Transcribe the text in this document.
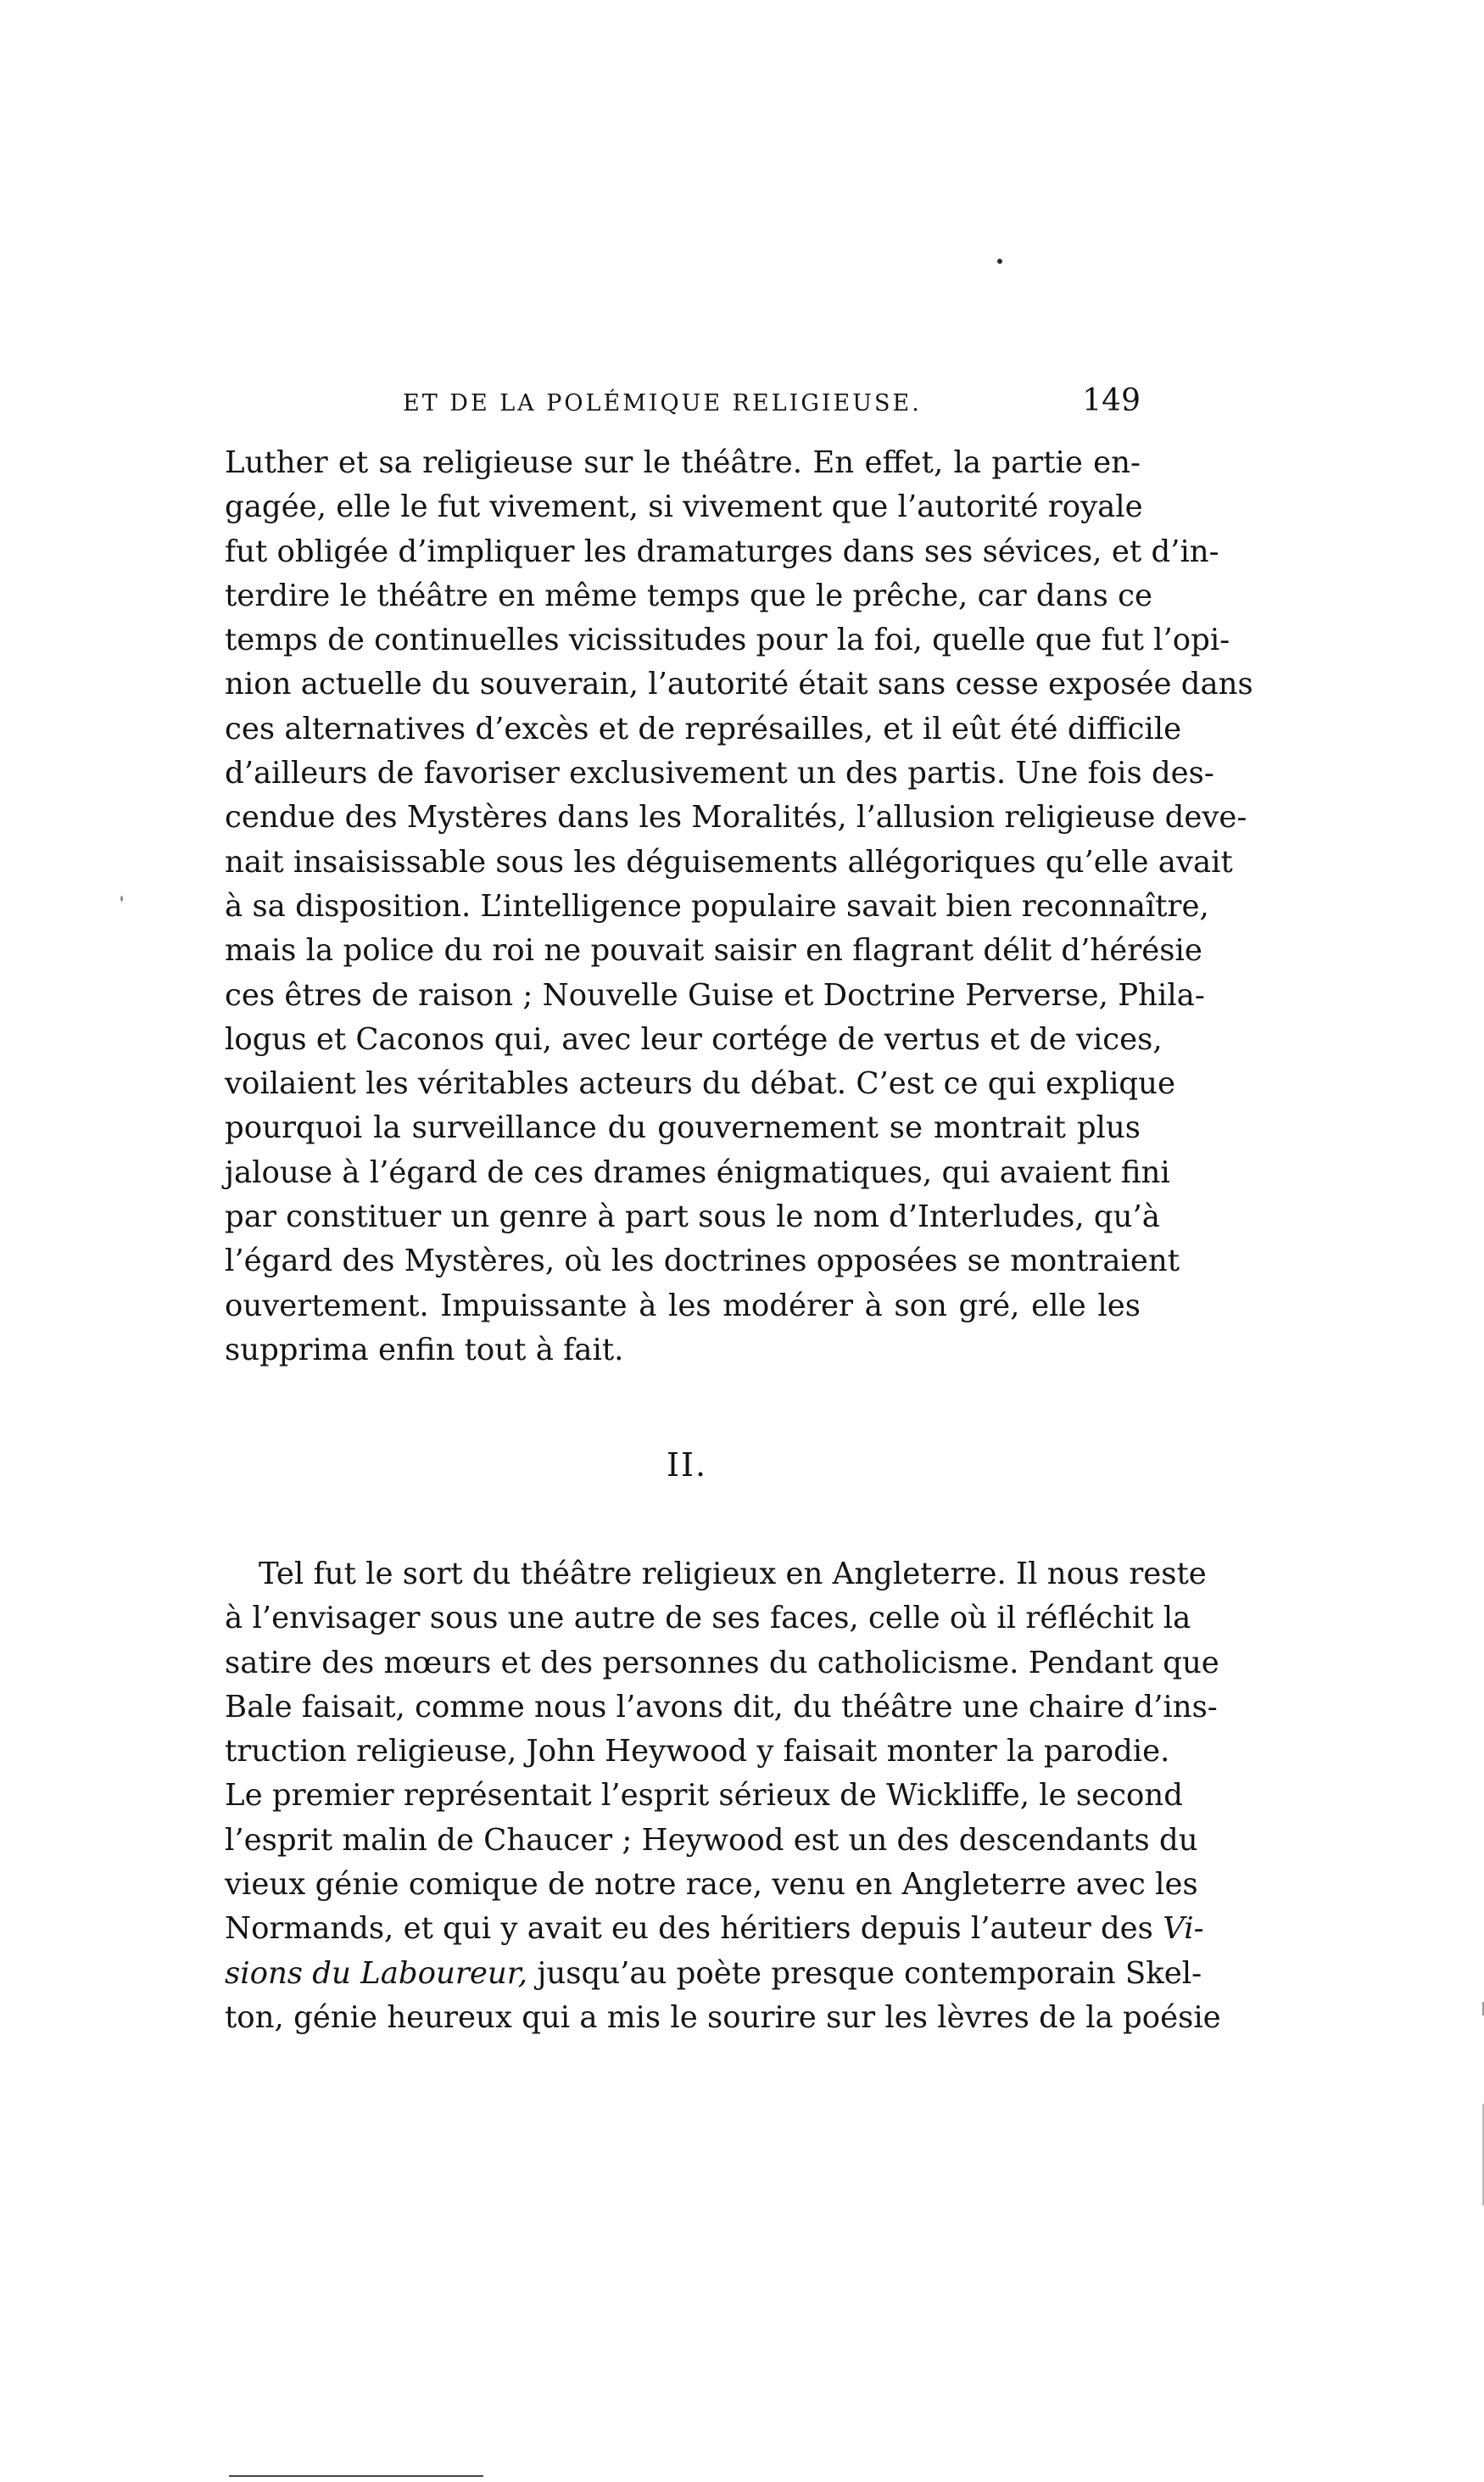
ET DE LA POLÉMIQUE RELIGIEUSE.	149
Luther et sa religieuse sur le théâtre. En effet, la partie en-
gagée, elle le fut vivement, si vivement que l’autorité royale
fut obligée d’impliquer les dramaturges dans ses sévices, et d’in-
terdire le théâtre en même temps que le prêche, car dans ce
temps de continuelles vicissitudes pour la foi, quelle que fut l’opi-
nion actuelle du souverain, l’autorité était sans cesse exposée dans
ces alternatives d’excès et de représailles, et il eût été difficile
d’ailleurs de favoriser exclusivement un des partis. Une fois des-
cendue des Mystères dans les Moralités, l’allusion religieuse deve-
nait insaisissable sous les déguisements allégoriques qu’elle avait
à sa disposition. L’intelligence populaire savait bien reconnaître,
mais la police du roi ne pouvait saisir en flagrant délit d’hérésie
ces êtres de raison ; Nouvelle Guise et Doctrine Perverse, Phila-
logus et Caconos qui, avec leur cortége de vertus et de vices,
voilaient les véritables acteurs du débat. C’est ce qui explique
pourquoi la surveillance du gouvernement se montrait plus
jalouse à l’égard de ces drames énigmatiques, qui avaient fini
par constituer un genre à part sous le nom d’Interludes, qu’à
l’égard des Mystères, où les doctrines opposées se montraient
ouvertement. Impuissante à les modérer à son gré, elle les
supprima enfin tout à fait.
II.
Tel fut le sort du théâtre religieux en Angleterre. Il nous reste
à l’envisager sous une autre de ses faces, celle où il réfléchit la
satire des mœurs et des personnes du catholicisme. Pendant que
Bale faisait, comme nous l’avons dit, du théâtre une chaire d’ins-
truction religieuse, John Heywood y faisait monter la parodie.
Le premier représentait l’esprit sérieux de Wickliffe, le second
l’esprit malin de Chaucer ; Heywood est un des descendants du
vieux génie comique de notre race, venu en Angleterre avec les
Normands, et qui y avait eu des héritiers depuis l’auteur des Vi-
sions du Laboureur, jusqu’au poète presque contemporain Skel-
ton, génie heureux qui a mis le sourire sur les lèvres de la poésie
